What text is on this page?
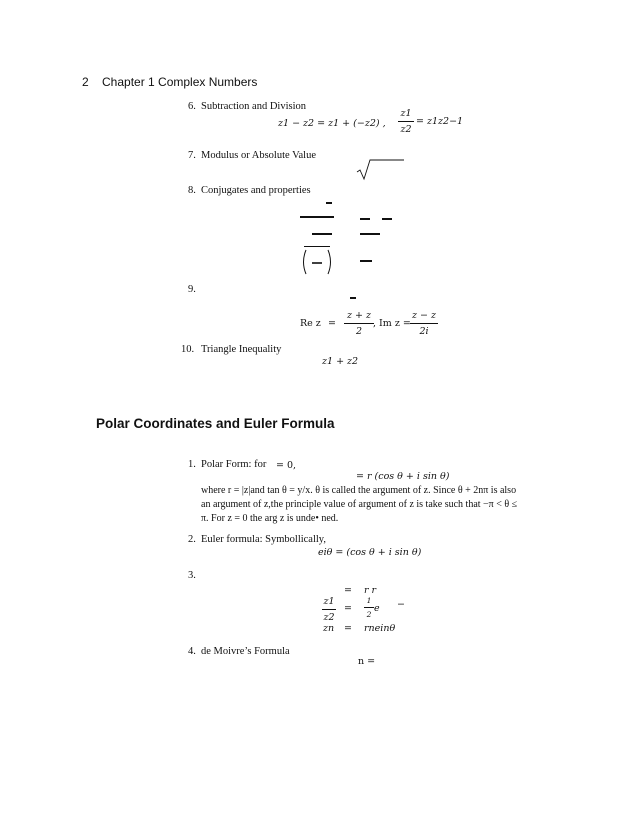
2 Chapter 1 Complex Numbers
6. Subtraction and Division
z1 − z2 = z1 + (−z2) ,
z1
z2
= z1z2−1
7. Modulus or Absolute Value
8. Conjugates and properties
9.
Re z =
z + z
2
, Im z =
z − z
2i
10. Triangle Inequality
z1 + z2
Polar Coordinates and Euler Formula
1. Polar Form: for = 0,
= r (cos θ + i sin θ)
where r = |z|and tan θ = y/x. θ is called the argument of z. Since θ + 2nπ is also
an argument of z,the principle value of argument of z is take such that −π < θ ≤
π. For z = 0 the arg z is unde• ned.
2. Euler formula: Symbollically,
eiθ = (cos θ + i sin θ)
3.
= r r
z1
z2
=
1
2
e −
zn = rneinθ
4. de Moivre’s Formula
n =
